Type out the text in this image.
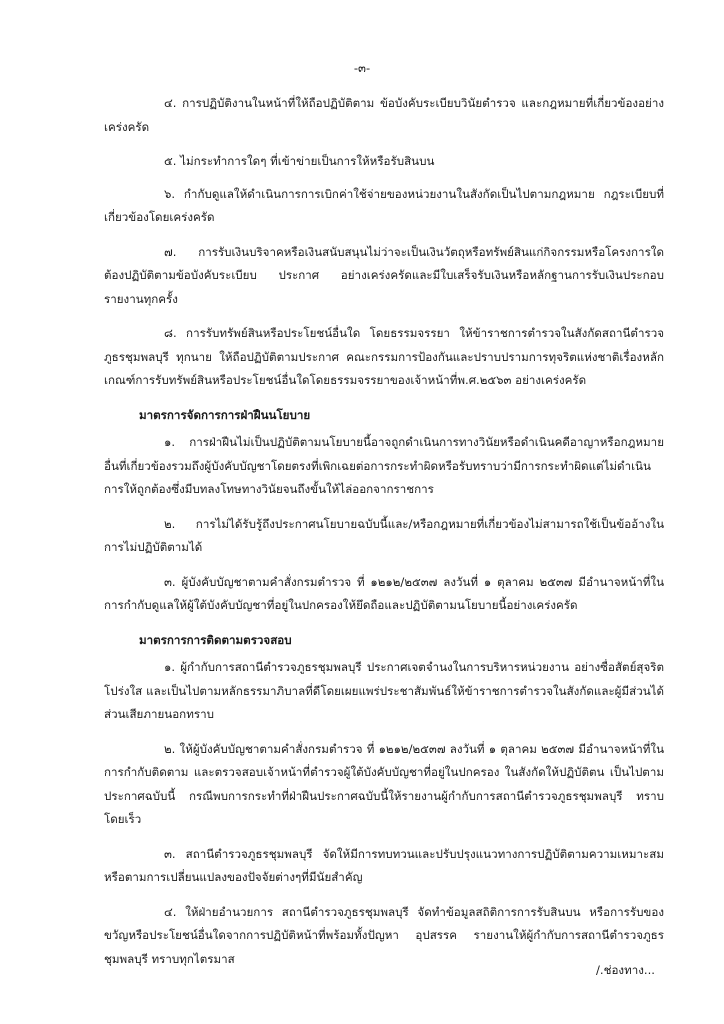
-๓-

๔. การปฏิบัติงานในหน้าที่ให้ถือปฏิบัติตาม ข้อบังคับระเบียบวินัยตำรวจ และกฎหมายที่เกี่ยวข้องอย่างเคร่งครัด

๕. ไม่กระทำการใดๆ ที่เข้าข่ายเป็นการให้หรือรับสินบน

๖. กำกับดูแลให้ดำเนินการการเบิกค่าใช้จ่ายของหน่วยงานในสังกัดเป็นไปตามกฎหมาย กฎระเบียบที่เกี่ยวข้องโดยเคร่งครัด

๗. การรับเงินบริจาคหรือเงินสนับสนุนไม่ว่าจะเป็นเงินวัตถุหรือทรัพย์สินแก่กิจกรรมหรือโครงการใด ต้องปฏิบัติตามข้อบังคับระเบียบ ประกาศ อย่างเคร่งครัดและมีใบเสร็จรับเงินหรือหลักฐานการรับเงินประกอบรายงานทุกครั้ง

๘. การรับทรัพย์สินหรือประโยชน์อื่นใด โดยธรรมจรรยา ให้ข้าราชการตำรวจในสังกัดสถานีตำรวจภูธรชุมพลบุรี ทุกนาย ให้ถือปฏิบัติตามประกาศ คณะกรรมการป้องกันและปราบปรามการทุจริตแห่งชาติเรื่องหลักเกณฑ์การรับทรัพย์สินหรือประโยชน์อื่นใดโดยธรรมจรรยาของเจ้าหน้าที่พ.ศ.๒๕๖๓ อย่างเคร่งครัด

มาตรการจัดการการฝ่าฝืนนโยบาย

๑. การฝ่าฝืนไม่เป็นปฏิบัติตามนโยบายนี้อาจถูกดำเนินการทางวินัยหรือดำเนินคดีอาญาหรือกฎหมาย อื่นที่เกี่ยวข้องรวมถึงผู้บังคับบัญชาโดยตรงที่เพิกเฉยต่อการกระทำผิดหรือรับทราบว่ามีการกระทำผิดแต่ไม่ดำเนินการให้ถูกต้องซึ่งมีบทลงโทษทางวินัยจนถึงขั้นให้ไล่ออกจากราชการ

๒. การไม่ได้รับรู้ถึงประกาศนโยบายฉบับนี้และ/หรือกฎหมายที่เกี่ยวข้องไม่สามารถใช้เป็นข้ออ้างในการไม่ปฏิบัติตามได้

๓. ผู้บังคับบัญชาตามคำสั่งกรมตำรวจ ที่ ๑๒๑๒/๒๕๓๗ ลงวันที่ ๑ ตุลาคม ๒๕๓๗ มีอำนาจหน้าที่ในการกำกับดูแลให้ผู้ใต้บังคับบัญชาที่อยู่ในปกครองให้ยึดถือและปฏิบัติตามนโยบายนี้อย่างเคร่งครัด

มาตรการการติดตามตรวจสอบ

๑. ผู้กำกับการสถานีตำรวจภูธรชุมพลบุรี ประกาศเจตจำนงในการบริหารหน่วยงาน อย่างซื่อสัตย์สุจริตโปร่งใส และเป็นไปตามหลักธรรมาภิบาลที่ดีโดยเผยแพร่ประชาสัมพันธ์ให้ข้าราชการตำรวจในสังกัดและผู้มีส่วนได้ส่วนเสียภายนอกทราบ

๒. ให้ผู้บังคับบัญชาตามคำสั่งกรมตำรวจ ที่ ๑๒๑๒/๒๕๓๗ ลงวันที่ ๑ ตุลาคม ๒๕๓๗ มีอำนาจหน้าที่ในการกำกับติดตาม และตรวจสอบเจ้าหน้าที่ตำรวจผู้ใต้บังคับบัญชาที่อยู่ในปกครอง ในสังกัดให้ปฏิบัติตน เป็นไปตามประกาศฉบับนี้ กรณีพบการกระทำที่ฝ่าฝืนประกาศฉบับนี้ให้รายงานผู้กำกับการสถานีตำรวจภูธรชุมพลบุรี ทราบโดยเร็ว

๓. สถานีตำรวจภูธรชุมพลบุรี จัดให้มีการทบทวนและปรับปรุงแนวทางการปฏิบัติตามความเหมาะสมหรือตามการเปลี่ยนแปลงของปัจจัยต่างๆที่มีนัยสำคัญ

๔. ให้ฝ่ายอำนวยการ สถานีตำรวจภูธรชุมพลบุรี จัดทำข้อมูลสถิติการการรับสินบน หรือการรับของขวัญหรือประโยชน์อื่นใดจากการปฏิบัติหน้าที่พร้อมทั้งปัญหา อุปสรรค รายงานให้ผู้กำกับการสถานีตำรวจภูธรชุมพลบุรี ทราบทุกไตรมาส

/.ช่องทาง...
